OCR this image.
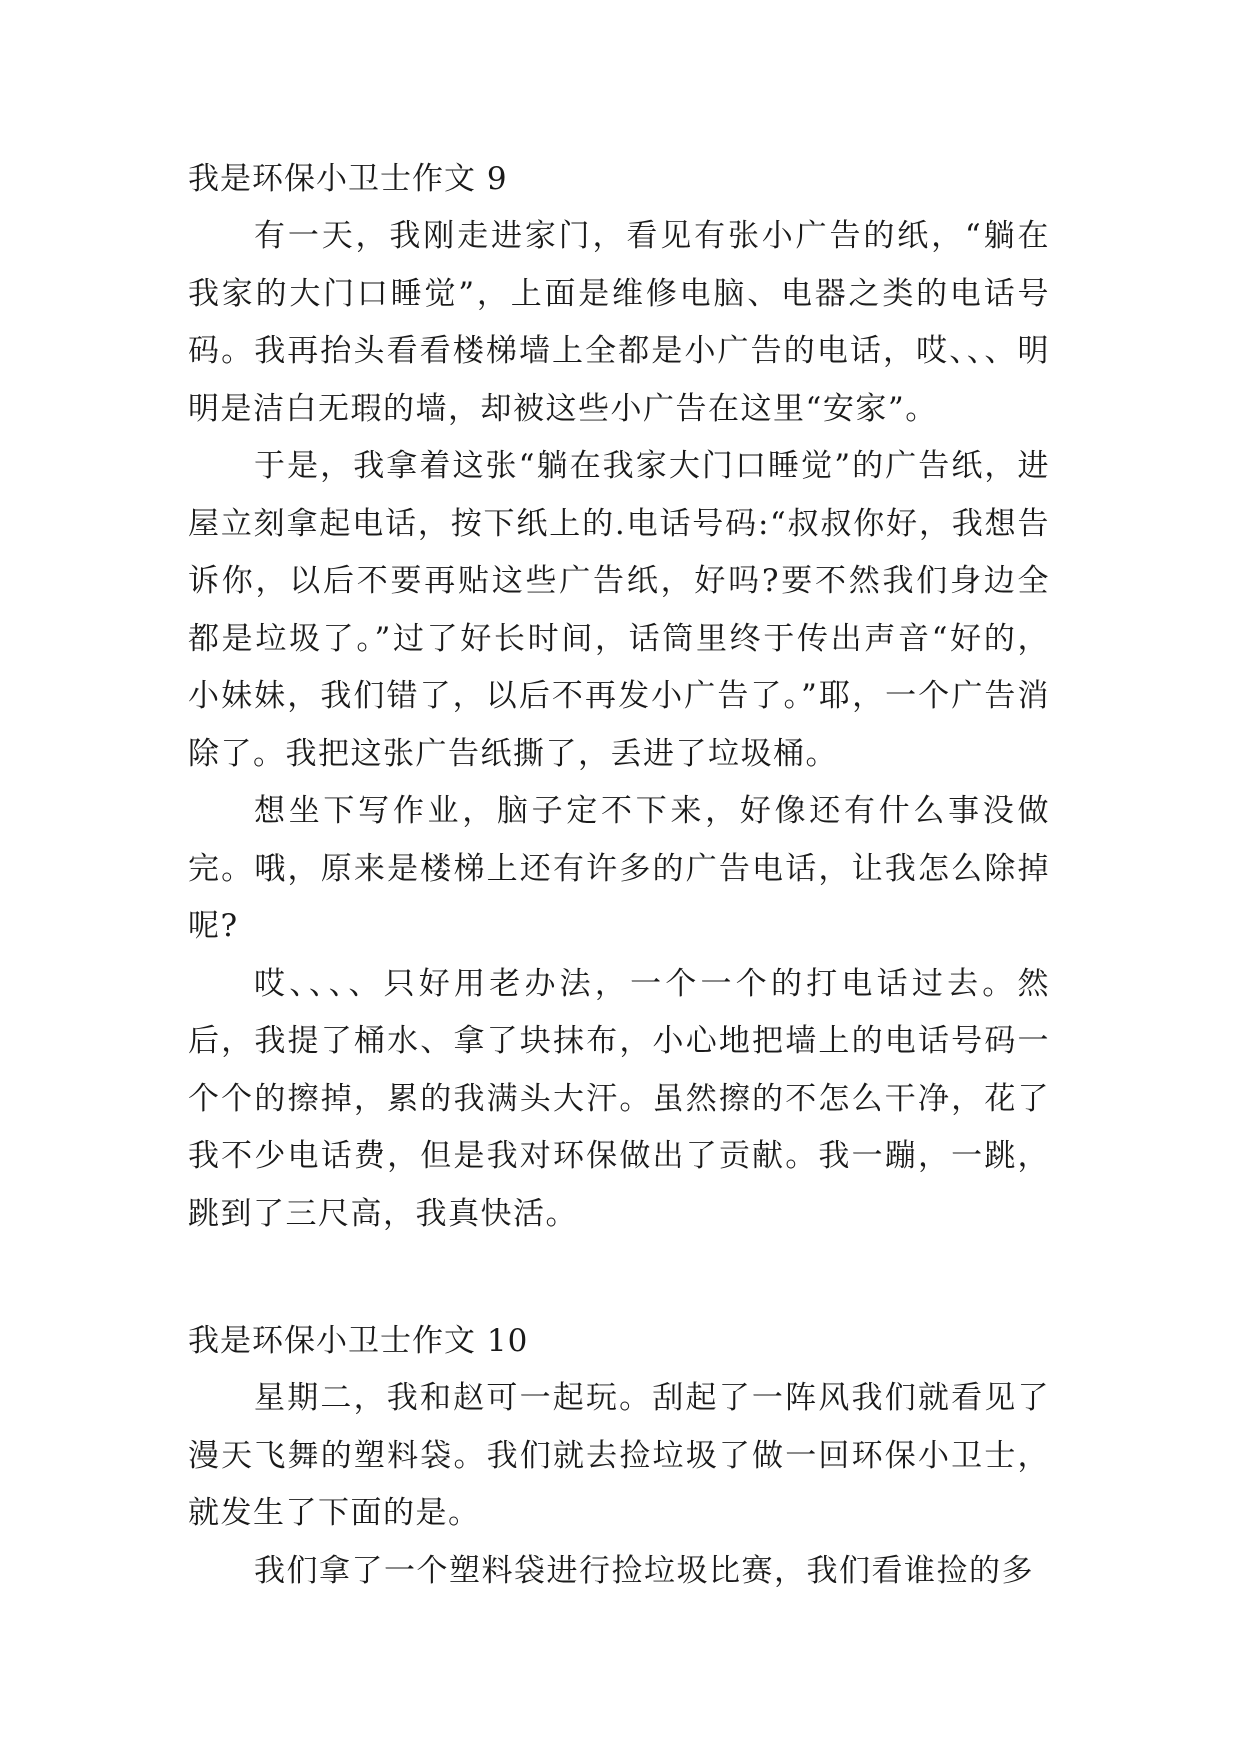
我是环保小卫士作文 9

有一天，我刚走进家门，看见有张小广告的纸，“躺在我家的大门口睡觉”，上面是维修电脑、电器之类的电话号码。我再抬头看看楼梯墙上全都是小广告的电话，哎、、、明明是洁白无瑕的墙，却被这些小广告在这里“安家”。

于是，我拿着这张“躺在我家大门口睡觉”的广告纸，进屋立刻拿起电话，按下纸上的.电话号码:“叔叔你好，我想告诉你，以后不要再贴这些广告纸，好吗?要不然我们身边全都是垃圾了。”过了好长时间，话筒里终于传出声音“好的，小妹妹，我们错了，以后不再发小广告了。”耶，一个广告消除了。我把这张广告纸撕了，丢进了垃圾桶。

想坐下写作业，脑子定不下来，好像还有什么事没做完。哦，原来是楼梯上还有许多的广告电话，让我怎么除掉呢?

哎、、、、只好用老办法，一个一个的打电话过去。然后，我提了桶水、拿了块抹布，小心地把墙上的电话号码一个个的擦掉，累的我满头大汗。虽然擦的不怎么干净，花了我不少电话费，但是我对环保做出了贡献。我一蹦，一跳，跳到了三尺高，我真快活。

我是环保小卫士作文 10

星期二，我和赵可一起玩。刮起了一阵风我们就看见了漫天飞舞的塑料袋。我们就去捡垃圾了做一回环保小卫士，就发生了下面的是。

我们拿了一个塑料袋进行捡垃圾比赛，我们看谁捡的多
